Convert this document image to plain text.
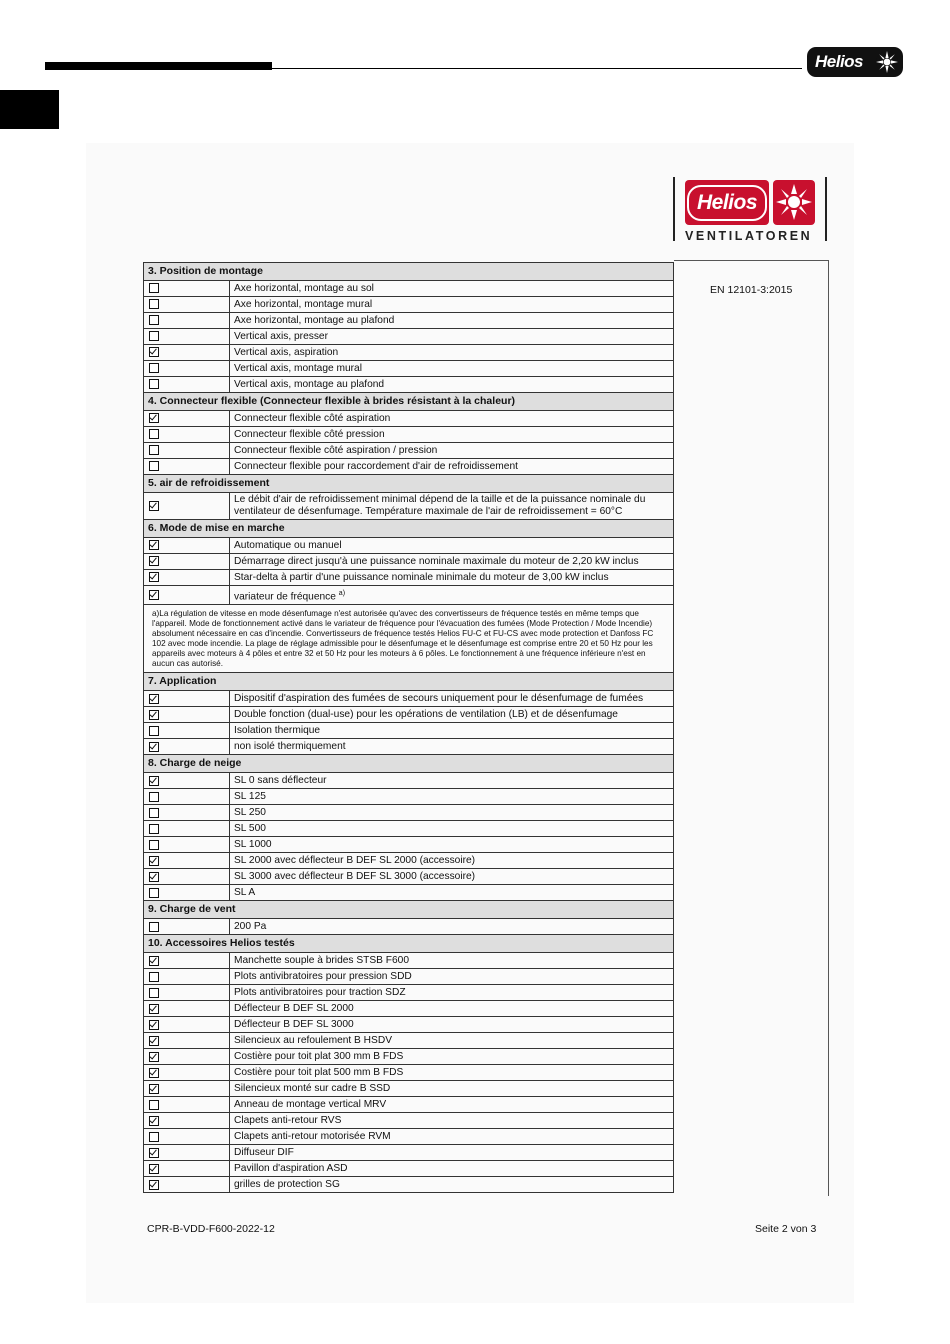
Helios
Helios
VENTILATOREN
EN 12101-3:2015
3. Position de montage	
	Axe horizontal, montage au sol
	Axe horizontal, montage mural
	Axe horizontal, montage au plafond
	Vertical axis, presser
	Vertical axis, aspiration
	Vertical axis, montage mural
	Vertical axis, montage au plafond
4. Connecteur flexible (Connecteur flexible à brides résistant à la chaleur)	
	Connecteur flexible côté aspiration
	Connecteur flexible côté pression
	Connecteur flexible côté aspiration / pression
	Connecteur flexible pour raccordement d'air de refroidissement
5. air de refroidissement	
	Le débit d'air de refroidissement minimal dépend de la taille et de la puissance nominale du ventilateur de désenfumage. Température maximale de l'air de refroidissement = 60°C
6. Mode de mise en marche	
	Automatique ou manuel
	Démarrage direct jusqu'à une puissance nominale maximale du moteur de 2,20 kW inclus
	Star-delta à partir d'une puissance nominale minimale du moteur de 3,00 kW inclus
	variateur de fréquence $^{a)}$
a)La régulation de vitesse en mode désenfumage n'est autorisée qu'avec des convertisseurs de fréquence testés en même temps que l'appareil. Mode de fonctionnement activé dans le variateur de fréquence pour l'évacuation des fumées (Mode Protection / Mode Incendie) absolument nécessaire en cas d'incendie. Convertisseurs de fréquence testés Helios FU-C et FU-CS avec mode protection et Danfoss FC 102 avec mode incendie. La plage de réglage admissible pour le désenfumage et le désenfumage est comprise entre 20 et 50 Hz pour les appareils avec moteurs à 4 pôles et entre 32 et 50 Hz pour les moteurs à 6 pôles. Le fonctionnement à une fréquence inférieure n'est en aucun cas autorisé.	
7. Application	
	Dispositif d'aspiration des fumées de secours uniquement pour le désenfumage de fumées
	Double fonction (dual-use) pour les opérations de ventilation (LB) et de désenfumage
	Isolation thermique
	non isolé thermiquement
8. Charge de neige	
	SL 0 sans déflecteur
	SL 125
	SL 250
	SL 500
	SL 1000
	SL 2000 avec déflecteur B DEF SL 2000 (accessoire)
	SL 3000 avec déflecteur B DEF SL 3000 (accessoire)
	SL A
9. Charge de vent	
	200 Pa
10. Accessoires Helios testés	
	Manchette souple à brides STSB F600
	Plots antivibratoires pour pression SDD
	Plots antivibratoires pour traction SDZ
	Déflecteur B DEF SL 2000
	Déflecteur B DEF SL 3000
	Silencieux au refoulement B HSDV
	Costière pour toit plat 300 mm B FDS
	Costière pour toit plat 500 mm B FDS
	Silencieux monté sur cadre B SSD
	Anneau de montage vertical MRV
	Clapets anti-retour RVS
	Clapets anti-retour motorisée RVM
	Diffuseur DIF
	Pavillon d'aspiration ASD
	grilles de protection SG
CPR-B-VDD-F600-2022-12	Seite 2 von 3
